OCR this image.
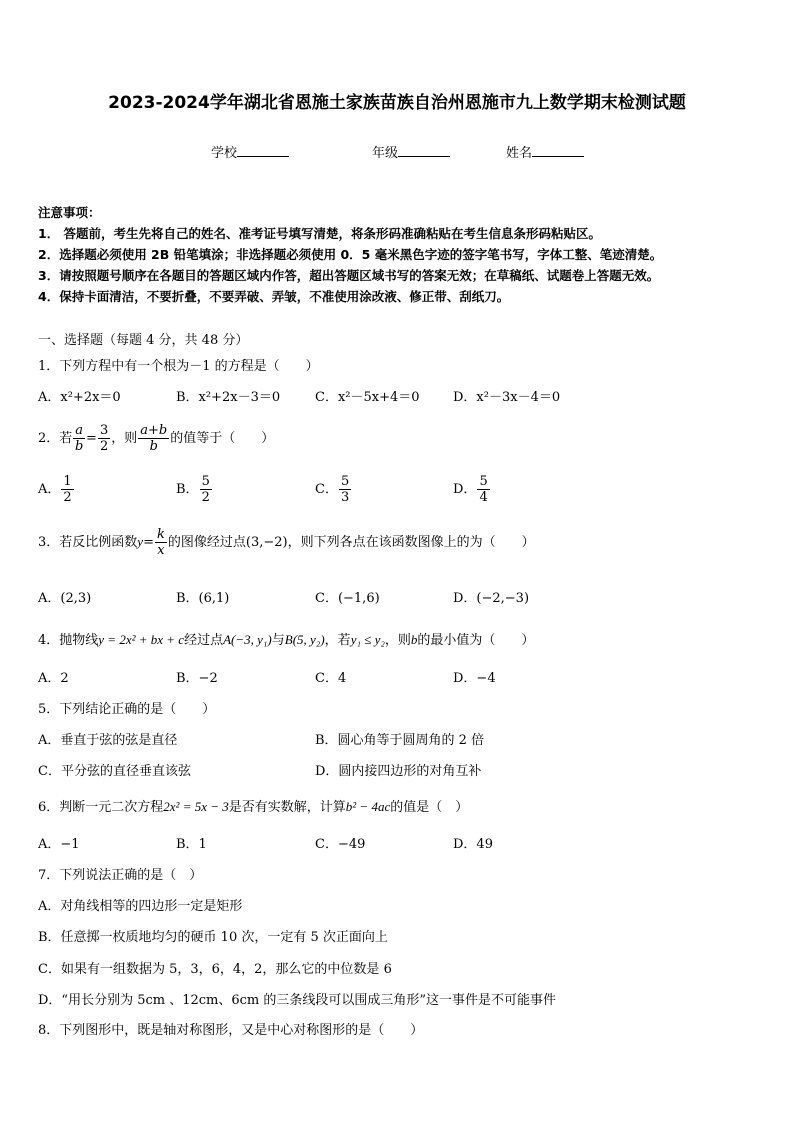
2023-2024学年湖北省恩施土家族苗族自治州恩施市九上数学期末检测试题
学校	年级	姓名
注意事项：
1． 答题前，考生先将自己的姓名、准考证号填写清楚，将条形码准确粘贴在考生信息条形码粘贴区。
2．选择题必须使用 2B 铅笔填涂；非选择题必须使用 0．5 毫米黑色字迹的签字笔书写，字体工整、笔迹清楚。
3．请按照题号顺序在各题目的答题区域内作答，超出答题区域书写的答案无效；在草稿纸、试题卷上答题无效。
4．保持卡面清洁，不要折叠，不要弄破、弄皱，不准使用涂改液、修正带、刮纸刀。
一、选择题（每题 4 分，共 48 分）
1．下列方程中有一个根为－1 的方程是（　　）
A．x²+2x＝0	B．x²+2x－3＝0	C．x²－5x+4＝0	D．x²－3x－4＝0
2．若 $\frac{a}{b} = \frac{3}{2}$ ，则 $\frac{a+b}{b}$ 的值等于（　　）
A． $\frac{1}{2}$	B． $\frac{5}{2}$	C． $\frac{5}{3}$	D． $\frac{5}{4}$
3．若反比例函数$y= \frac{k}{x}$ 的图像经过点(3,−2)，则下列各点在该函数图像上的为（　　）
A．(2,3)	B．(6,1)	C．(−1,6)	D．(−2,−3)
4．抛物线y = 2x² + bx + c经过点A(−3, y₁)与B(5, y₂)，若y₁ ≤ y₂，则b的最小值为（　　）
A．2	B．−2	C．4	D．−4
5．下列结论正确的是（　　）
A．垂直于弦的弦是直径	B．圆心角等于圆周角的 2 倍
C．平分弦的直径垂直该弦	D．圆内接四边形的对角互补
6．判断一元二次方程2x² = 5x − 3是否有实数解，计算b² − 4ac的值是（　）
A．−1	B．1	C．−49	D．49
7．下列说法正确的是（　）
A．对角线相等的四边形一定是矩形
B．任意掷一枚质地均匀的硬币 10 次，一定有 5 次正面向上
C．如果有一组数据为 5，3，6，4，2，那么它的中位数是 6
D．“用长分别为 5cm 、12cm、6cm 的三条线段可以围成三角形”这一事件是不可能事件
8．下列图形中，既是轴对称图形，又是中心对称图形的是（　　）
